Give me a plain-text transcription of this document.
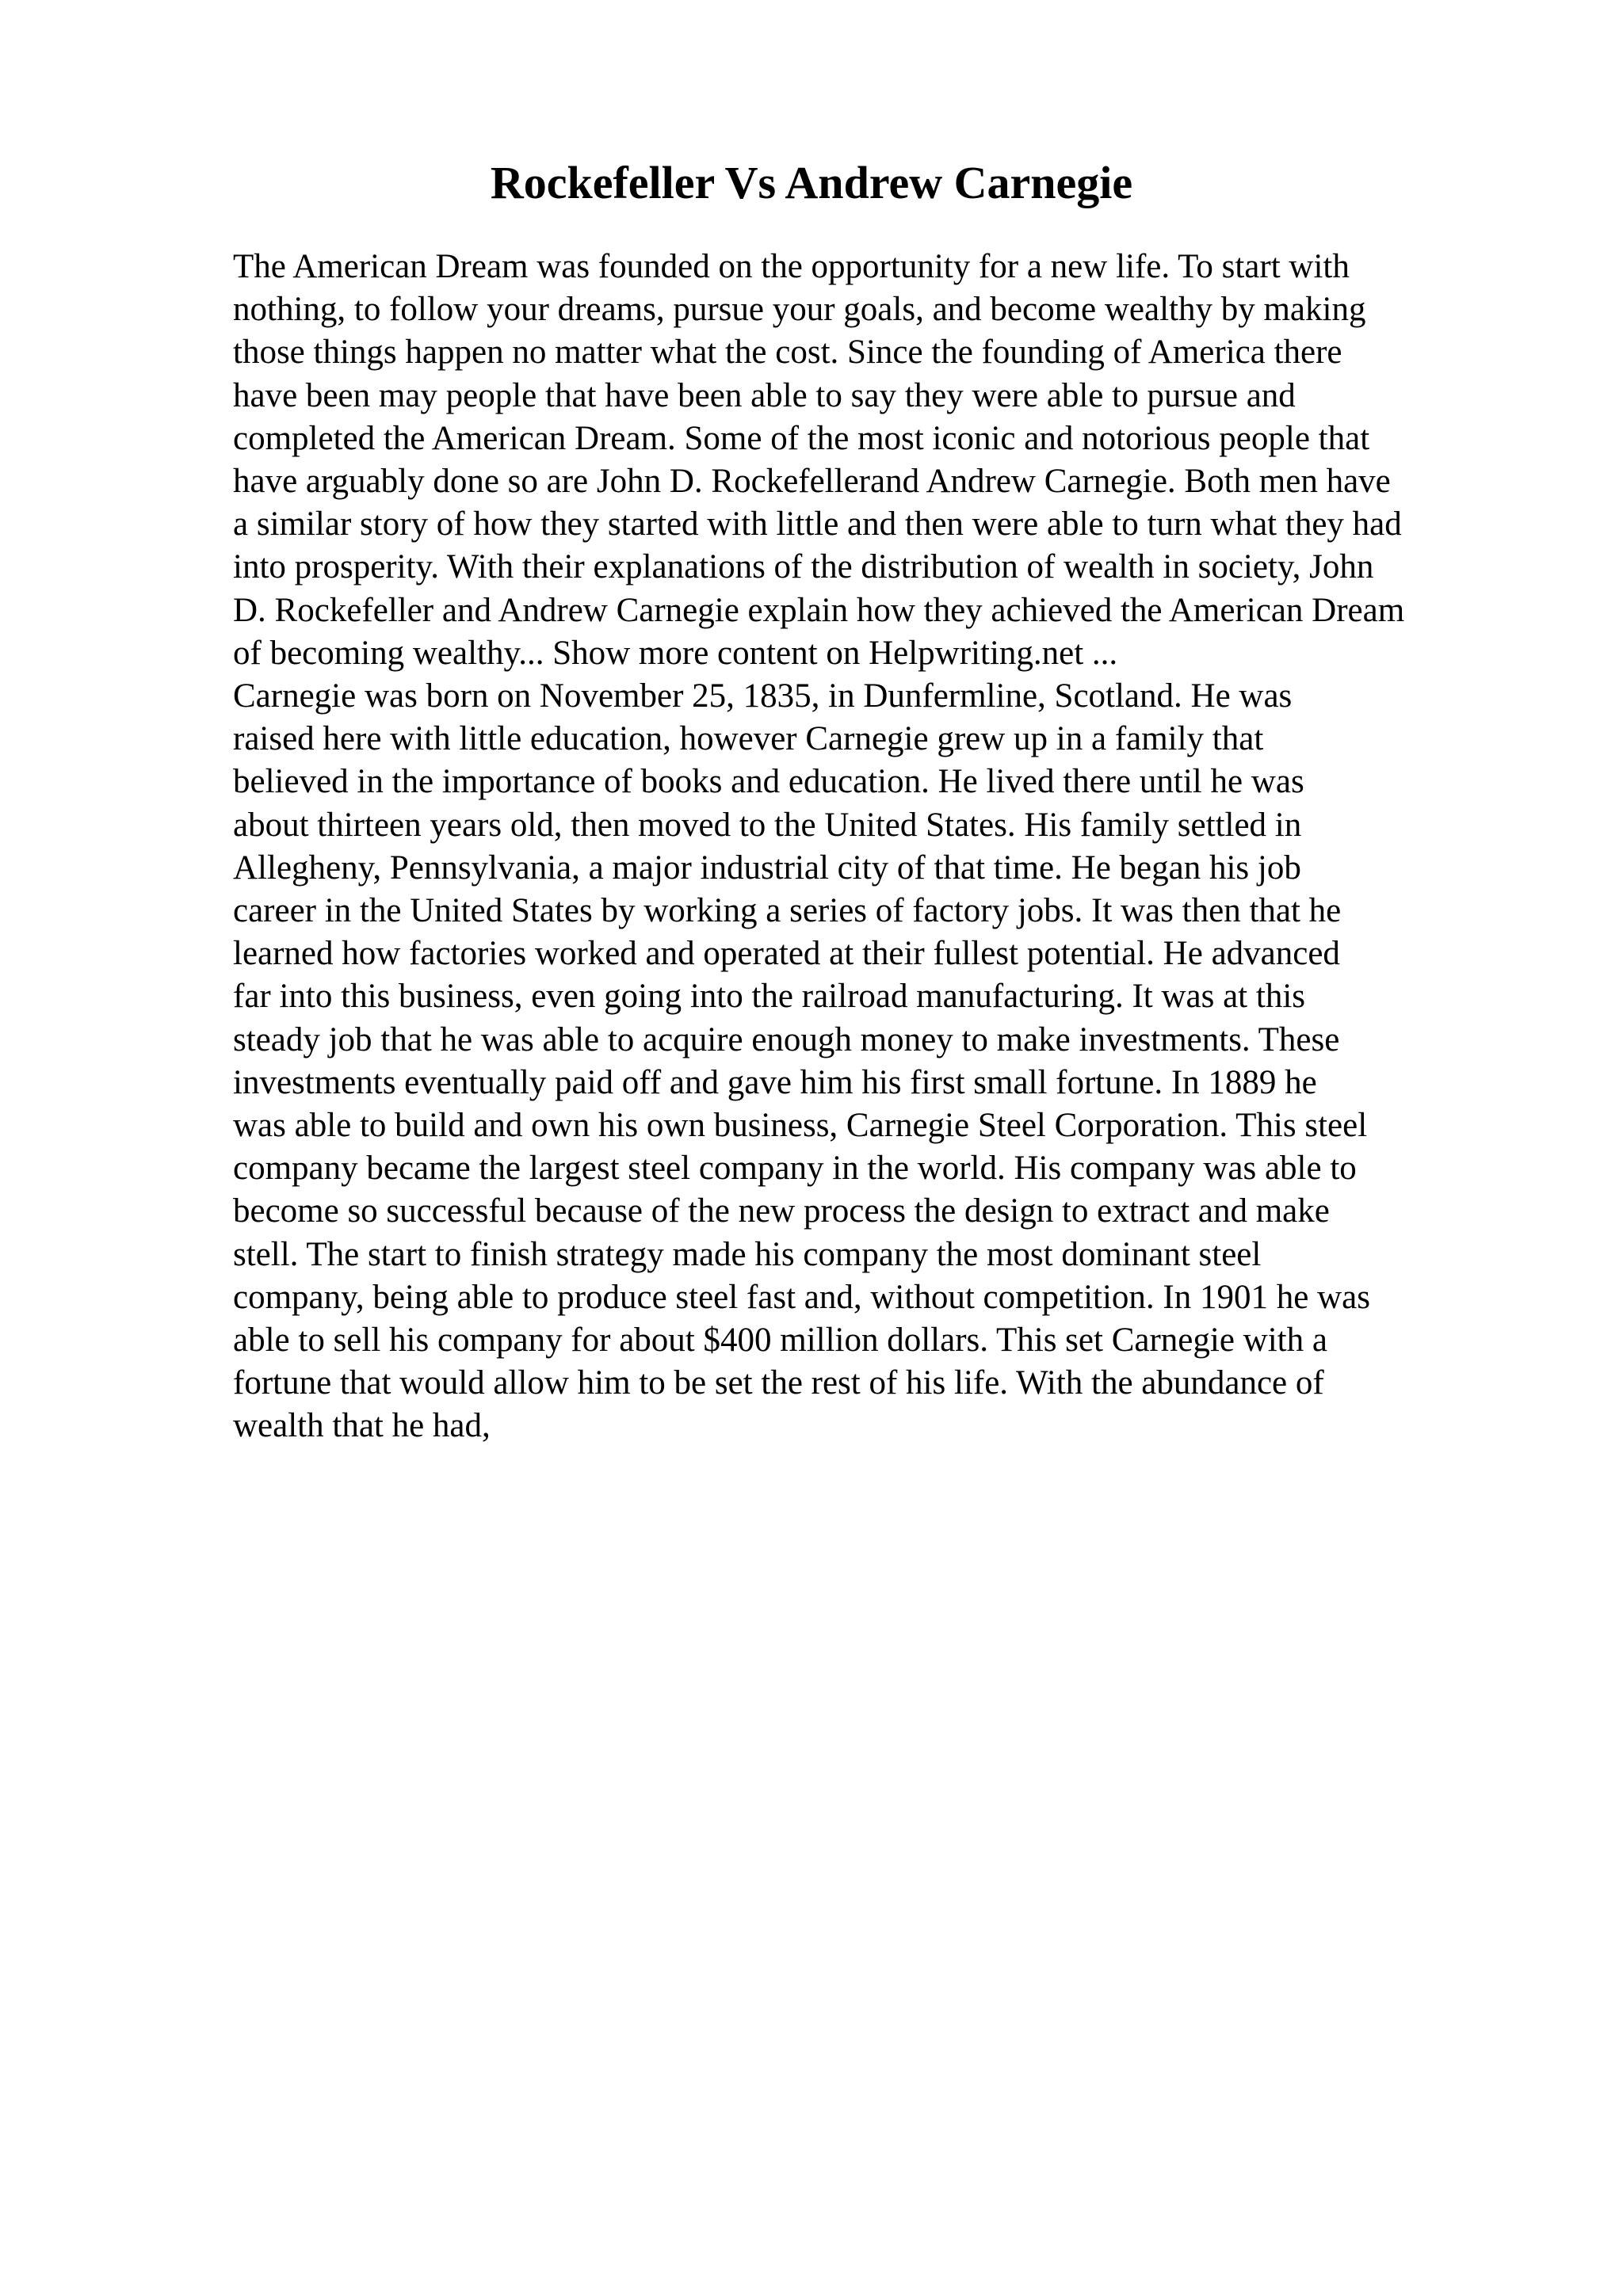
Rockefeller Vs Andrew Carnegie
The American Dream was founded on the opportunity for a new life. To start with
nothing, to follow your dreams, pursue your goals, and become wealthy by making
those things happen no matter what the cost. Since the founding of America there
have been may people that have been able to say they were able to pursue and
completed the American Dream. Some of the most iconic and notorious people that
have arguably done so are John D. Rockefellerand Andrew Carnegie. Both men have
a similar story of how they started with little and then were able to turn what they had
into prosperity. With their explanations of the distribution of wealth in society, John
D. Rockefeller and Andrew Carnegie explain how they achieved the American Dream
of becoming wealthy... Show more content on Helpwriting.net ...
Carnegie was born on November 25, 1835, in Dunfermline, Scotland. He was
raised here with little education, however Carnegie grew up in a family that
believed in the importance of books and education. He lived there until he was
about thirteen years old, then moved to the United States. His family settled in
Allegheny, Pennsylvania, a major industrial city of that time. He began his job
career in the United States by working a series of factory jobs. It was then that he
learned how factories worked and operated at their fullest potential. He advanced
far into this business, even going into the railroad manufacturing. It was at this
steady job that he was able to acquire enough money to make investments. These
investments eventually paid off and gave him his first small fortune. In 1889 he
was able to build and own his own business, Carnegie Steel Corporation. This steel
company became the largest steel company in the world. His company was able to
become so successful because of the new process the design to extract and make
stell. The start to finish strategy made his company the most dominant steel
company, being able to produce steel fast and, without competition. In 1901 he was
able to sell his company for about $400 million dollars. This set Carnegie with a
fortune that would allow him to be set the rest of his life. With the abundance of
wealth that he had,
